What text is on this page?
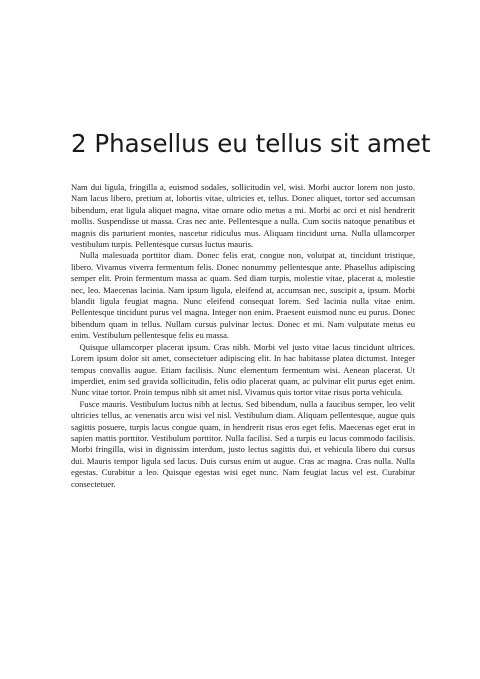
2 Phasellus eu tellus sit amet

Nam dui ligula, fringilla a, euismod sodales, sollicitudin vel, wisi. Morbi auctor lorem non justo. Nam lacus libero, pretium at, lobortis vitae, ultricies et, tellus. Donec aliquet, tortor sed accumsan bibendum, erat ligula aliquet magna, vitae ornare odio metus a mi. Morbi ac orci et nisl hendrerit mollis. Suspendisse ut massa. Cras nec ante. Pellentesque a nulla. Cum sociis natoque penatibus et magnis dis parturient montes, nascetur ridiculus mus. Aliquam tincidunt urna. Nulla ullamcorper vestibulum turpis. Pellentesque cursus luctus mauris.

Nulla malesuada porttitor diam. Donec felis erat, congue non, volutpat at, tincidunt tristique, libero. Vivamus viverra fermentum felis. Donec nonummy pellentesque ante. Phasellus adipiscing semper elit. Proin fermentum massa ac quam. Sed diam turpis, molestie vitae, placerat a, molestie nec, leo. Maecenas lacinia. Nam ipsum ligula, eleifend at, accumsan nec, suscipit a, ipsum. Morbi blandit ligula feugiat magna. Nunc eleifend consequat lorem. Sed lacinia nulla vitae enim. Pellentesque tincidunt purus vel magna. Integer non enim. Praesent euismod nunc eu purus. Donec bibendum quam in tellus. Nullam cursus pulvinar lectus. Donec et mi. Nam vulputate metus eu enim. Vestibulum pellentesque felis eu massa.

Quisque ullamcorper placerat ipsum. Cras nibh. Morbi vel justo vitae lacus tincidunt ultrices. Lorem ipsum dolor sit amet, consectetuer adipiscing elit. In hac habitasse platea dictumst. Integer tempus convallis augue. Etiam facilisis. Nunc elementum fermentum wisi. Aenean placerat. Ut imperdiet, enim sed gravida sollicitudin, felis odio placerat quam, ac pulvinar elit purus eget enim. Nunc vitae tortor. Proin tempus nibh sit amet nisl. Vivamus quis tortor vitae risus porta vehicula.

Fusce mauris. Vestibulum luctus nibh at lectus. Sed bibendum, nulla a faucibus semper, leo velit ultricies tellus, ac venenatis arcu wisi vel nisl. Vestibulum diam. Aliquam pellentesque, augue quis sagittis posuere, turpis lacus congue quam, in hendrerit risus eros eget felis. Maecenas eget erat in sapien mattis porttitor. Vestibulum porttitor. Nulla facilisi. Sed a turpis eu lacus commodo facilisis. Morbi fringilla, wisi in dignissim interdum, justo lectus sagittis dui, et vehicula libero dui cursus dui. Mauris tempor ligula sed lacus. Duis cursus enim ut augue. Cras ac magna. Cras nulla. Nulla egestas. Curabitur a leo. Quisque egestas wisi eget nunc. Nam feugiat lacus vel est. Curabitur consectetuer.
